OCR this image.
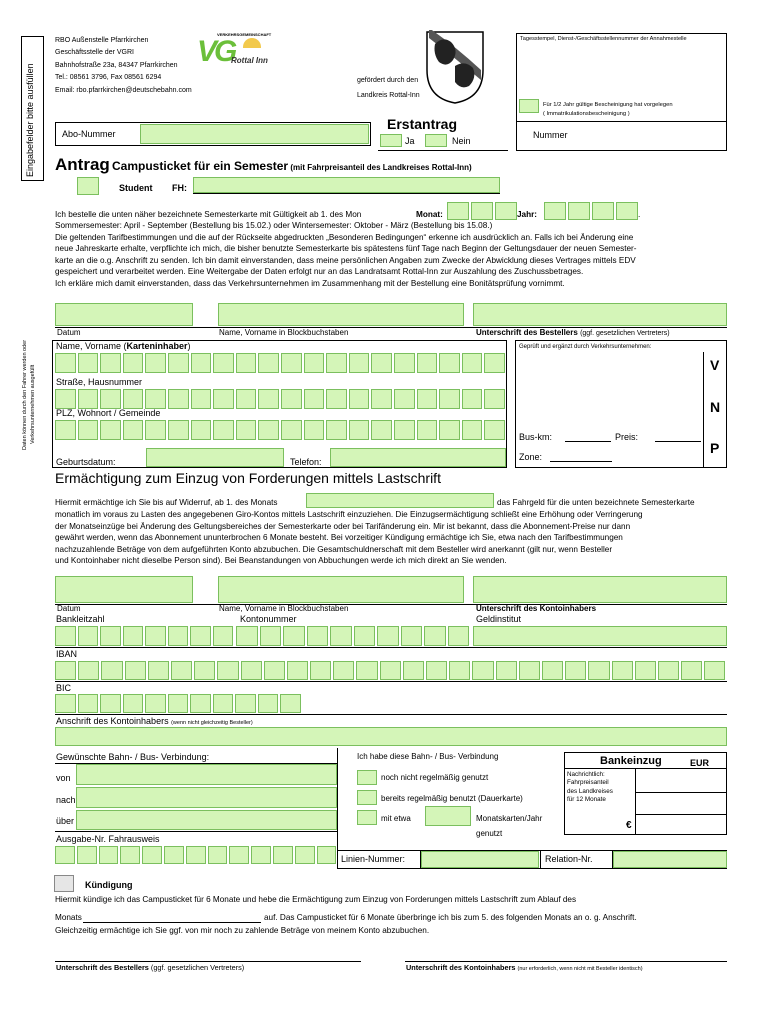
Eingabefelder bitte ausfüllen
Daten können durch den Fahrer werden oder Verkehrsunternehmen ausgefüllt
RBO Außenstelle Pfarrkirchen
Geschäftsstelle der VGRI
Bahnhofstraße 23a, 84347 Pfarrkirchen
Tel.: 08561 3796, Fax 08561 6294
Email: rbo.pfarrkirchen@deutschebahn.com
VERKEHRSGEMEINSCHAFT
VG
Rottal Inn
gefördert durch den
Landkreis Rottal-Inn
Tagesstempel, Dienst-/Geschäftsstellennummer der Annahmestelle
Für 1/2 Jahr gültige Bescheinigung hat vorgelegen
( Immatrikulationsbescheinigung )
Nummer
Abo-Nummer
Erstantrag
Ja	Nein
Antrag Campusticket für ein Semester (mit Fahrpreisanteil des Landkreises Rottal-Inn)
Student FH:
Ich bestelle die unten näher bezeichnete Semesterkarte mit Gültigkeit ab 1. des Mon	Monat:	Jahr:	.
Sommersemester: April - September (Bestellung bis 15.02.) oder Wintersemester: Oktober - März (Bestellung bis 15.08.)
Die geltenden Tarifbestimmungen und die auf der Rückseite abgedruckten „Besonderen Bedingungen“ erkenne ich ausdrücklich an. Falls ich bei Änderung eine
neue Jahreskarte erhalte, verpflichte ich mich, die bisher benutzte Semesterkarte bis spätestens fünf Tage nach Beginn der Geltungsdauer der neuen Semester-
karte an die o.g. Anschrift zu senden. Ich bin damit einverstanden, dass meine persönlichen Angaben zum Zwecke der Abwicklung dieses Vertrages mittels EDV
gespeichert und verarbeitet werden. Eine Weitergabe der Daten erfolgt nur an das Landratsamt Rottal-Inn zur Auszahlung des Zuschussbetrages.
Ich erkläre mich damit einverstanden, dass das Verkehrsunternehmen im Zusammenhang mit der Bestellung eine Bonitätsprüfung vornimmt.
Datum	Name, Vorname in Blockbuchstaben	Unterschrift des Bestellers (ggf. gesetzlichen Vertreters)
Name, Vorname (Karteninhaber)
Straße, Hausnummer
PLZ, Wohnort / Gemeinde
Geburtsdatum:	Telefon:
Geprüft und ergänzt durch Verkehrsunternehmen:
V
N
P
Bus-km:	Preis:
Zone:
Ermächtigung zum Einzug von Forderungen mittels Lastschrift
Hiermit ermächtige ich Sie bis auf Widerruf, ab 1. des Monats	das Fahrgeld für die unten bezeichnete Semesterkarte
monatlich im voraus zu Lasten des angegebenen Giro-Kontos mittels Lastschrift einzuziehen. Die Einzugsermächtigung schließt eine Erhöhung oder Verringerung
der Monatseinzüge bei Änderung des Geltungsbereiches der Semesterkarte oder bei Tarifänderung ein. Mir ist bekannt, dass die Abonnement-Preise nur dann
gewährt werden, wenn das Abonnement ununterbrochen 6 Monate besteht. Bei vorzeitiger Kündigung ermächtige ich Sie, etwa nach den Tarifbestimmungen
nachzuzahlende Beträge von dem aufgeführten Konto abzubuchen. Die Gesamtschuldnerschaft mit dem Besteller wird anerkannt (gilt nur, wenn Besteller
und Kontoinhaber nicht dieselbe Person sind). Bei Beanstandungen von Abbuchungen werde ich mich direkt an Sie wenden.
Datum	Name, Vorname in Blockbuchstaben	Unterschrift des Kontoinhabers
Bankleitzahl	Kontonummer	Geldinstitut
IBAN
BIC
Anschrift des Kontoinhabers (wenn nicht gleichzeitig Besteller)
Gewünschte Bahn- / Bus- Verbindung:
von
nach
über
Ausgabe-Nr. Fahrausweis
Ich habe diese Bahn- / Bus- Verbindung
noch nicht regelmäßig genutzt
bereits regelmäßig benutzt (Dauerkarte)
mit etwa	Monatskarten/Jahr
genutzt
Linien-Nummer:	Relation-Nr.
Bankeinzug	EUR
Nachrichtlich:
Fahrpreisanteil
des Landkreises
für 12 Monate
€
Kündigung
Hiermit kündige ich das Campusticket für 6 Monate und hebe die Ermächtigung zum Einzug von Forderungen mittels Lastschrift zum Ablauf des
Monats	auf. Das Campusticket für 6 Monate überbringe ich bis zum 5. des folgenden Monats an o. g. Anschrift.
Gleichzeitig ermächtige ich Sie ggf. von mir noch zu zahlende Beträge von meinem Konto abzubuchen.
Unterschrift des Bestellers (ggf. gesetzlichen Vertreters)	Unterschrift des Kontoinhabers (nur erforderlich, wenn nicht mit Besteller identisch)
